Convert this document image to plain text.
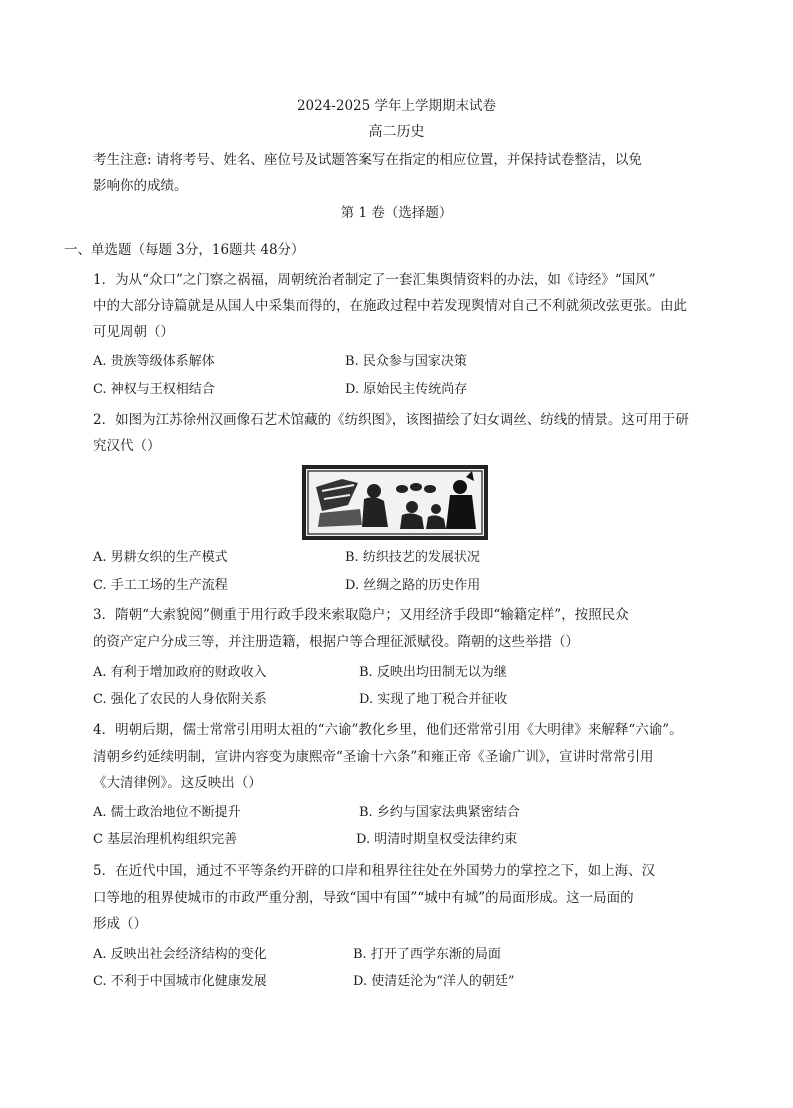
2024-2025 学年上学期期末试卷
高二历史
考生注意: 请将考号、姓名、座位号及试题答案写在指定的相应位置，并保持试卷整洁，以免
影响你的成绩。
第 1 卷（选择题）
一、单选题（每题 3分，16题共 48分）
1．为从“众口”之门察之祸福，周朝统治者制定了一套汇集舆情资料的办法，如《诗经》“国风”
中的大部分诗篇就是从国人中采集而得的，在施政过程中若发现舆情对自己不利就须改弦更张。由此
可见周朝（）
A. 贵族等级体系解体	B. 民众参与国家决策
C. 神权与王权相结合	D. 原始民主传统尚存
2．如图为江苏徐州汉画像石艺术馆藏的《纺织图》，该图描绘了妇女调丝、纺线的情景。这可用于研
究汉代（）
A. 男耕女织的生产模式	B. 纺织技艺的发展状况
C. 手工工场的生产流程	D. 丝绸之路的历史作用
3．隋朝“大索貌阅”侧重于用行政手段来索取隐户；又用经济手段即“输籍定样”，按照民众
的资产定户分成三等，并注册造籍，根据户等合理征派赋役。隋朝的这些举措（）
A. 有利于增加政府的财政收入	B. 反映出均田制无以为继
C. 强化了农民的人身依附关系	D. 实现了地丁税合并征收
4．明朝后期，儒士常常引用明太祖的“六谕”教化乡里，他们还常常引用《大明律》来解释“六谕”。
清朝乡约延续明制，宣讲内容变为康熙帝“圣谕十六条”和雍正帝《圣谕广训》，宣讲时常常引用
《大清律例》。这反映出（）
A. 儒士政治地位不断提升	B. 乡约与国家法典紧密结合
C 基层治理机构组织完善	D. 明清时期皇权受法律约束
5．在近代中国，通过不平等条约开辟的口岸和租界往往处在外国势力的掌控之下，如上海、汉
口等地的租界使城市的市政严重分割，导致“国中有国”“城中有城”的局面形成。这一局面的
形成（）
A. 反映出社会经济结构的变化	B. 打开了西学东渐的局面
C. 不利于中国城市化健康发展	D. 使清廷沦为“洋人的朝廷”
